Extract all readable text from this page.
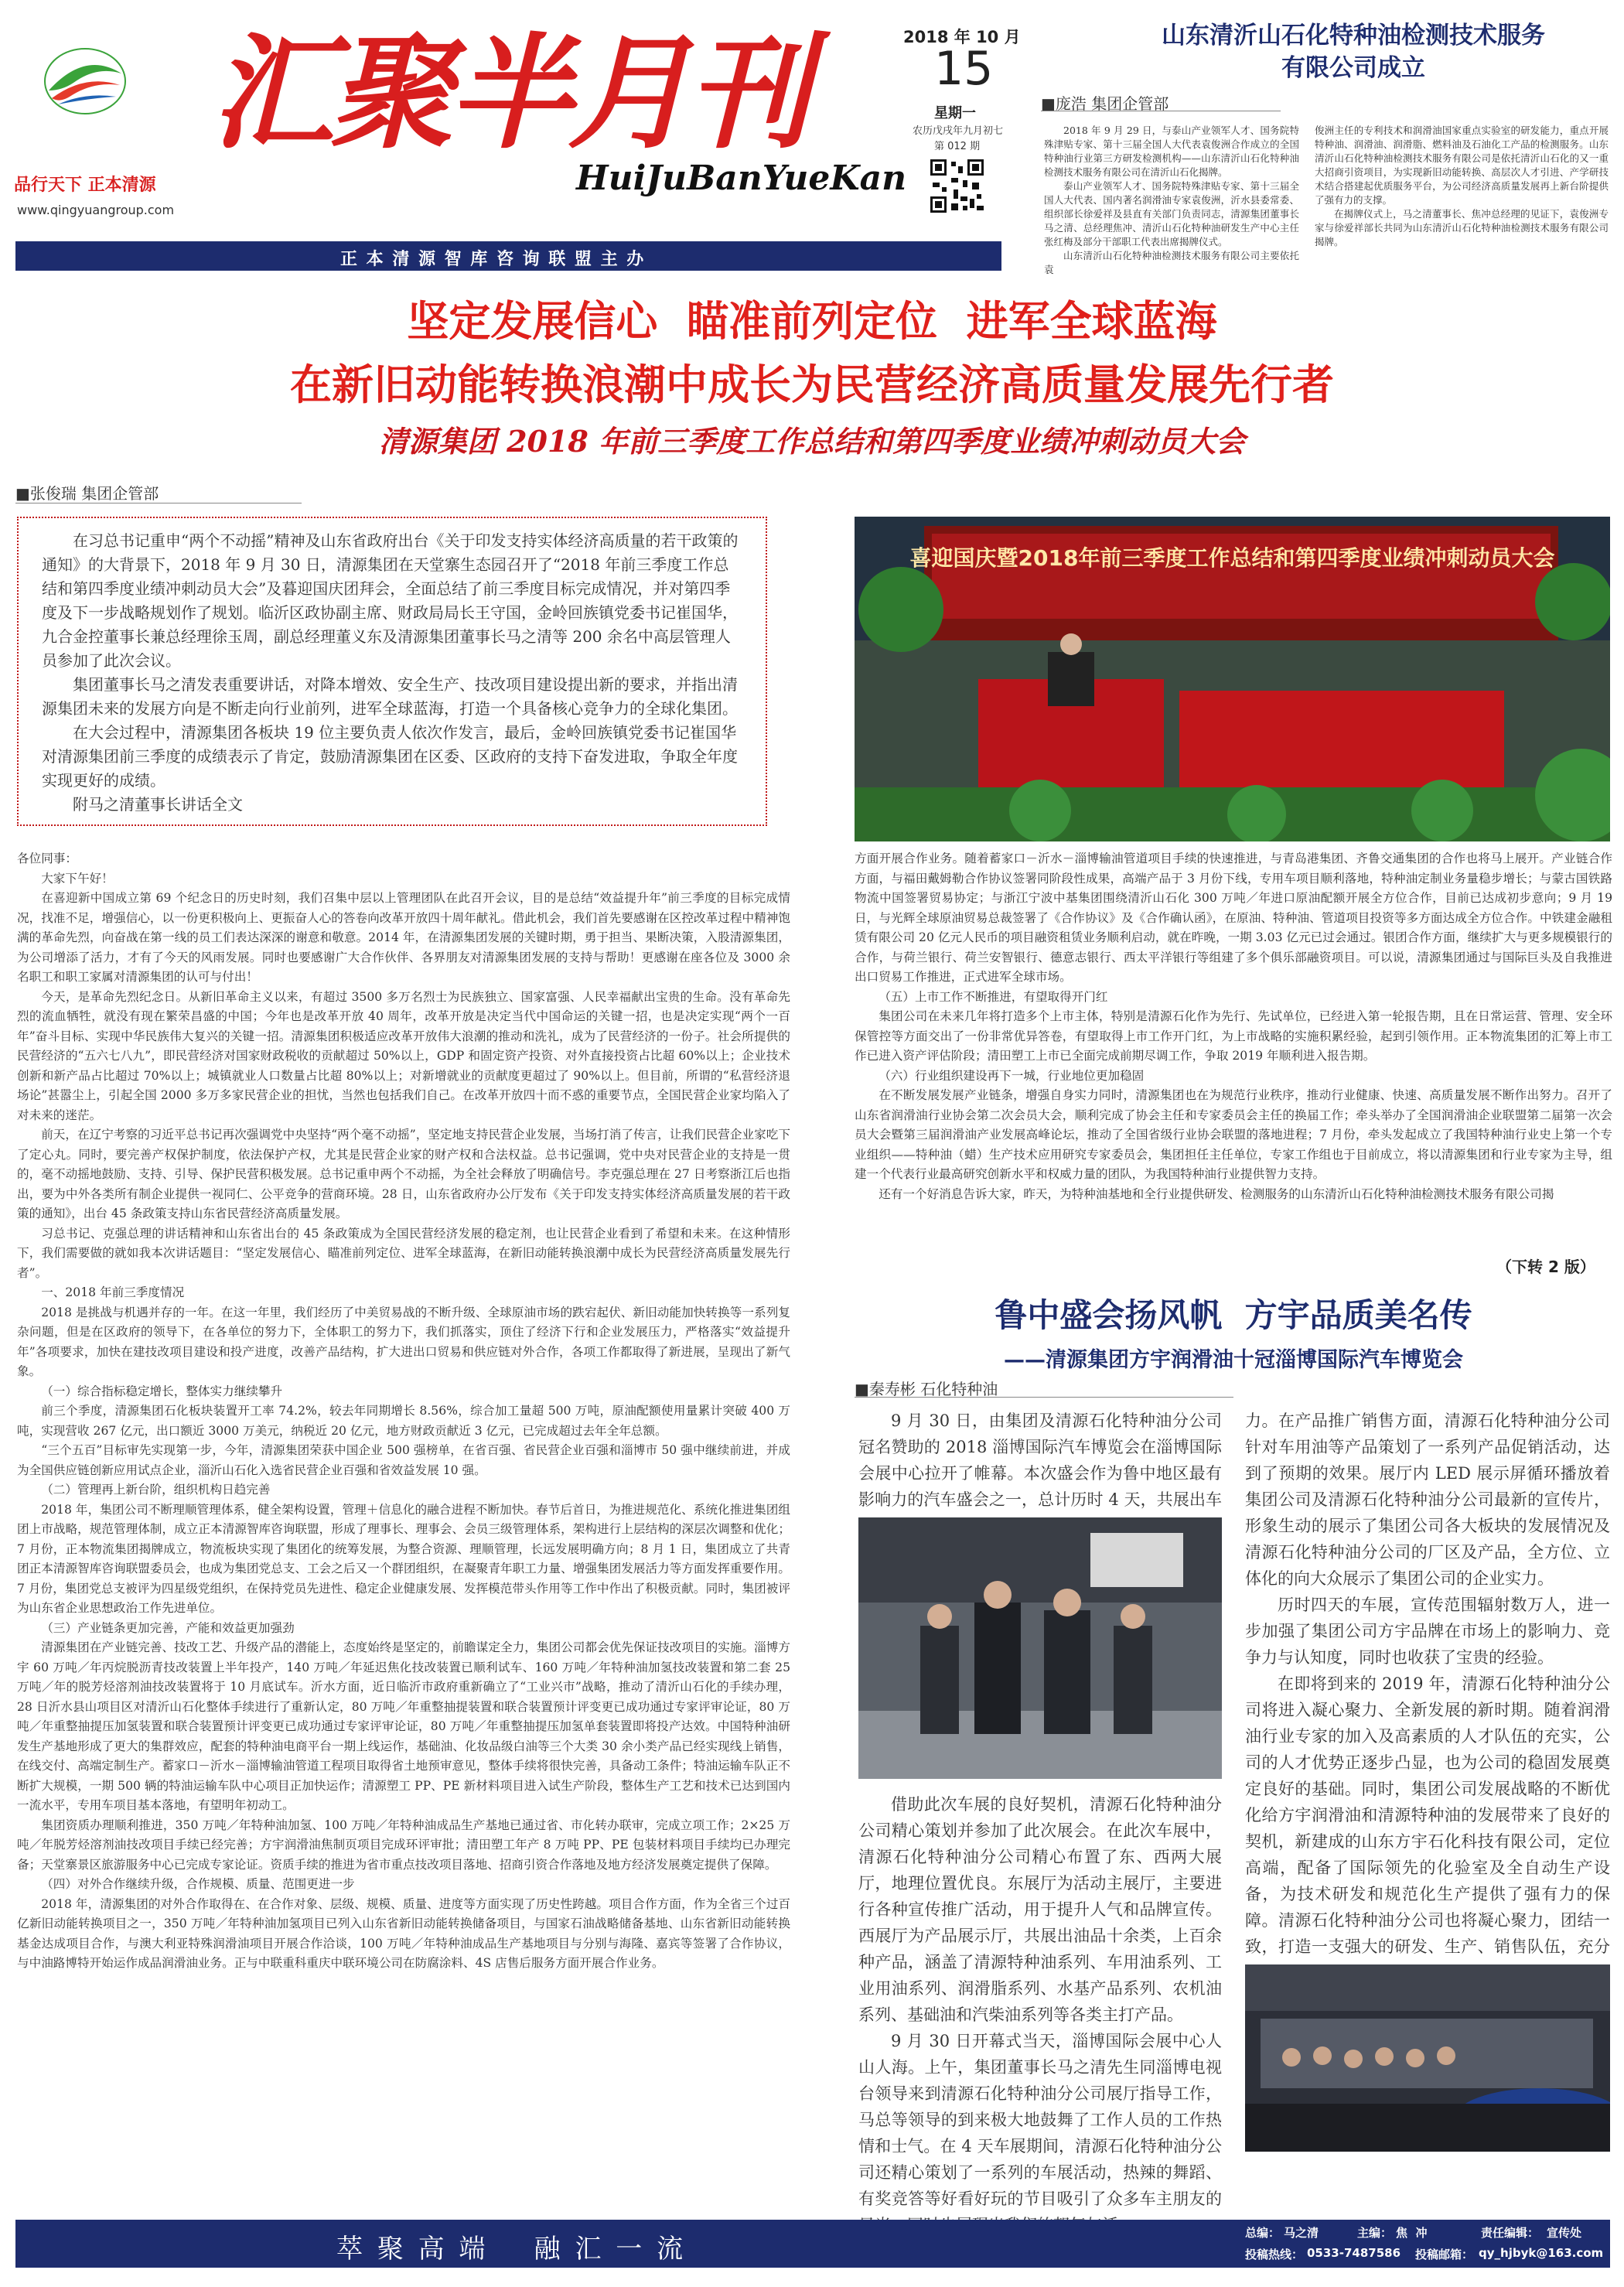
品行天下 正本清源
www.qingyuangroup.com
汇聚半月刊
HuiJuBanYueKan
2018 年 10 月
15
星期一
农历戊戌年九月初七
第 012 期
正 本 清 源 智 库 咨 询 联 盟 主 办
山东清沂山石化特种油检测技术服务有限公司成立
■庞浩 集团企管部

2018 年 9 月 29 日，与泰山产业领军人才、国务院特殊津贴专家、第十三届全国人大代表袁俊洲合作成立的全国特种油行业第三方研发检测机构——山东清沂山石化特种油检测技术服务有限公司在清沂山石化揭牌。

泰山产业领军人才、国务院特殊津贴专家、第十三届全国人大代表、国内著名润滑油专家袁俊洲，沂水县委常委、组织部长徐爱祥及县直有关部门负责同志，清源集团董事长马之清、总经理焦冲、清沂山石化特种油研发生产中心主任张红梅及部分干部职工代表出席揭牌仪式。

山东清沂山石化特种油检测技术服务有限公司主要依托袁

俊洲主任的专利技术和润滑油国家重点实验室的研发能力，重点开展特种油、润滑油、润滑脂、燃料油及石油化工产品的检测服务。山东清沂山石化特种油检测技术服务有限公司是依托清沂山石化的又一重大招商引资项目，为实现新旧动能转换、高层次人才引进、产学研技术结合搭建起优质服务平台，为公司经济高质量发展再上新台阶提供了强有力的支撑。

在揭牌仪式上，马之清董事长、焦冲总经理的见证下，袁俊洲专家与徐爱祥部长共同为山东清沂山石化特种油检测技术服务有限公司揭牌。

坚定发展信心  瞄准前列定位  进军全球蓝海
在新旧动能转换浪潮中成长为民营经济高质量发展先行者
清源集团 2018 年前三季度工作总结和第四季度业绩冲刺动员大会
■张俊瑞 集团企管部

在习总书记重申“两个不动摇”精神及山东省政府出台《关于印发支持实体经济高质量的若干政策的通知》的大背景下，2018 年 9 月 30 日，清源集团在天堂寨生态园召开了“2018 年前三季度工作总结和第四季度业绩冲刺动员大会”及暮迎国庆团拜会，全面总结了前三季度目标完成情况，并对第四季度及下一步战略规划作了规划。临沂区政协副主席、财政局局长王守国，金岭回族镇党委书记崔国华，九合金控董事长兼总经理徐玉周，副总经理董义东及清源集团董事长马之清等 200 余名中高层管理人员参加了此次会议。

集团董事长马之清发表重要讲话，对降本增效、安全生产、技改项目建设提出新的要求，并指出清源集团未来的发展方向是不断走向行业前列，进军全球蓝海，打造一个具备核心竞争力的全球化集团。

在大会过程中，清源集团各板块 19 位主要负责人依次作发言，最后，金岭回族镇党委书记崔国华对清源集团前三季度的成绩表示了肯定，鼓励清源集团在区委、区政府的支持下奋发进取，争取全年度实现更好的成绩。

附马之清董事长讲话全文

喜迎国庆暨2018年前三季度工作总结和第四季度业绩冲刺动员大会

各位同事：

大家下午好！

在喜迎新中国成立第 69 个纪念日的历史时刻，我们召集中层以上管理团队在此召开会议，目的是总结“效益提升年”前三季度的目标完成情况，找准不足，增强信心，以一份更积极向上、更振奋人心的答卷向改革开放四十周年献礼。借此机会，我们首先要感谢在区控改革过程中精神饱满的革命先烈，向奋战在第一线的员工们表达深深的谢意和敬意。2014 年，在清源集团发展的关键时期，勇于担当、果断决策，入股清源集团，为公司增添了活力，才有了今天的风雨发展。同时也要感谢广大合作伙伴、各界朋友对清源集团发展的支持与帮助！更感谢在座各位及 3000 余名职工和职工家属对清源集团的认可与付出！

今天，是革命先烈纪念日。从新旧革命主义以来，有超过 3500 多万名烈士为民族独立、国家富强、人民幸福献出宝贵的生命。没有革命先烈的流血牺牲，就没有现在繁荣昌盛的中国；今年也是改革开放 40 周年，改革开放是决定当代中国命运的关键一招，也是决定实现“两个一百年”奋斗目标、实现中华民族伟大复兴的关键一招。清源集团积极适应改革开放伟大浪潮的推动和洗礼，成为了民营经济的一份子。社会所提供的民营经济的“五六七八九”，即民营经济对国家财政税收的贡献超过 50%以上，GDP 和固定资产投资、对外直接投资占比超 60%以上；企业技术创新和新产品占比超过 70%以上；城镇就业人口数量占比超 80%以上；对新增就业的贡献度更超过了 90%以上。但目前，所谓的“私营经济退场论”甚嚣尘上，引起全国 2000 多万多家民营企业的担忧，当然也包括我们自己。在改革开放四十而不惑的重要节点，全国民营企业家均陷入了对未来的迷茫。

前天，在辽宁考察的习近平总书记再次强调党中央坚持“两个毫不动摇”，坚定地支持民营企业发展，当场打消了传言，让我们民营企业家吃下了定心丸。同时，要完善产权保护制度，依法保护产权，尤其是民营企业家的财产权和合法权益。总书记强调，党中央对民营企业的支持是一贯的，毫不动摇地鼓励、支持、引导、保护民营积极发展。总书记重申两个不动摇，为全社会释放了明确信号。李克强总理在 27 日考察浙江后也指出，要为中外各类所有制企业提供一视同仁、公平竞争的营商环境。28 日，山东省政府办公厅发布《关于印发支持实体经济高质量发展的若干政策的通知》，出台 45 条政策支持山东省民营经济高质量发展。

习总书记、克强总理的讲话精神和山东省出台的 45 条政策成为全国民营经济发展的稳定剂，也让民营企业看到了希望和未来。在这种情形下，我们需要做的就如我本次讲话题目：“坚定发展信心、瞄准前列定位、进军全球蓝海，在新旧动能转换浪潮中成长为民营经济高质量发展先行者”。

一、2018 年前三季度情况

2018 是挑战与机遇并存的一年。在这一年里，我们经历了中美贸易战的不断升级、全球原油市场的跌宕起伏、新旧动能加快转换等一系列复杂问题，但是在区政府的领导下，在各单位的努力下，全体职工的努力下，我们抓落实，顶住了经济下行和企业发展压力，严格落实“效益提升年”各项要求，加快在建技改项目建设和投产进度，改善产品结构，扩大进出口贸易和供应链对外合作，各项工作都取得了新进展，呈现出了新气象。

（一）综合指标稳定增长，整体实力继续攀升

前三个季度，清源集团石化板块装置开工率 74.2%，较去年同期增长 8.56%，综合加工量超 500 万吨，原油配额使用量累计突破 400 万吨，实现营收 267 亿元，出口额近 3000 万美元，纳税近 20 亿元，地方财政贡献近 3 亿元，已完成超过去年全年总额。

“三个五百”目标审先实现第一步，今年，清源集团荣获中国企业 500 强榜单，在省百强、省民营企业百强和淄博市 50 强中继续前进，并成为全国供应链创新应用试点企业，淄沂山石化入选省民营企业百强和省效益发展 10 强。

（二）管理再上新台阶，组织机构日趋完善

2018 年，集团公司不断理顺管理体系，健全架构设置，管理＋信息化的融合进程不断加快。春节后首日，为推进规范化、系统化推进集团组团上市战略，规范管理体制，成立正本清源智库咨询联盟，形成了理事长、理事会、会员三级管理体系，架构进行上层结构的深层次调整和优化；7 月份，正本物流集团揭牌成立，物流板块实现了集团化的统筹发展，为整合资源、理顺管理，长远发展明确方向；8 月 1 日，集团成立了共青团正本清源智库咨询联盟委员会，也成为集团党总支、工会之后又一个群团组织，在凝聚青年职工力量、增强集团发展活力等方面发挥重要作用。7 月份，集团党总支被评为四星级党组织，在保持党员先进性、稳定企业健康发展、发挥模范带头作用等工作中作出了积极贡献。同时，集团被评为山东省企业思想政治工作先进单位。

（三）产业链条更加完善，产能和效益更加强劲

清源集团在产业链完善、技改工艺、升级产品的潜能上，态度始终是坚定的，前瞻谋定全力，集团公司都会优先保证技改项目的实施。淄博方宇 60 万吨／年丙烷脱沥青技改装置上半年投产，140 万吨／年延迟焦化技改装置已顺利试车、160 万吨／年特种油加氢技改装置和第二套 25 万吨／年的脱芳烃溶剂油技改装置将于 10 月底试车。沂水方面，近日临沂市政府重新确立了“工业兴市”战略，推动了清沂山石化的手续办理，28 日沂水县山项目区对清沂山石化整体手续进行了重新认定，80 万吨／年重整抽提装置和联合装置预计评变更已成功通过专家评审论证，80 万吨／年重整抽提压加氢装置和联合装置预计评变更已成功通过专家评审论证，80 万吨／年重整抽提压加氢单套装置即将投产达效。中国特种油研发生产基地形成了更大的集群效应，配套的特种油电商平台一期上线运作，基础油、化妆品级白油等三个大类 30 余小类产品已经实现线上销售，在线交付、高端定制生产。蓄家口－沂水－淄博输油管道工程项目取得省土地预审意见，整体手续将很快完善，具备动工条件；特油运输车队正不断扩大规模，一期 500 辆的特油运输车队中心项目正加快运作；清源塑工 PP、PE 新材料项目进入试生产阶段，整体生产工艺和技术已达到国内一流水平，专用车项目基本落地，有望明年初动工。

集团资质办理顺利推进，350 万吨／年特种油加氢、100 万吨／年特种油成品生产基地已通过省、市化转办联审，完成立项工作；2×25 万吨／年脱芳烃溶剂油技改项目手续已经完善；方宇润滑油焦制页项目完成环评审批；清田塑工年产 8 万吨 PP、PE 包装材料项目手续均已办理完备；天堂寨景区旅游服务中心已完成专家论证。资质手续的推进为省市重点技改项目落地、招商引资合作落地及地方经济发展奠定提供了保障。

（四）对外合作继续升级，合作规模、质量、范围更进一步

2018 年，清源集团的对外合作取得在、在合作对象、层级、规模、质量、进度等方面实现了历史性跨越。项目合作方面，作为全省三个过百亿新旧动能转换项目之一，350 万吨／年特种油加氢项目已列入山东省新旧动能转换储备项目，与国家石油战略储备基地、山东省新旧动能转换基金达成项目合作，与澳大利亚特殊润滑油项目开展合作洽谈，100 万吨／年特种油成品生产基地项目与分别与海隆、嘉宾等签署了合作协议，与中油路博特开始运作成品润滑油业务。正与中联重科重庆中联环境公司在防腐涂料、4S 店售后服务方面开展合作业务。

方面开展合作业务。随着蓄家口－沂水－淄博输油管道项目手续的快速推进，与青岛港集团、齐鲁交通集团的合作也将马上展开。产业链合作方面，与福田戴姆勒合作协议签署同阶段性成果，高端产品于 3 月份下线，专用车项目顺利落地，特种油定制业务量稳步增长；与蒙古国铁路物流中国签署贸易协定；与浙江宁波中基集团围绕清沂山石化 300 万吨／年进口原油配额开展全方位合作，目前已达成初步意向；9 月 19 日，与光辉全球原油贸易总裁签署了《合作协议》及《合作确认函》，在原油、特种油、管道项目投资等多方面达成全方位合作。中铁建金融租赁有限公司 20 亿元人民币的项目融资租赁业务顺利启动，就在昨晚，一期 3.03 亿元已过会通过。银团合作方面，继续扩大与更多规模银行的合作，与荷兰银行、荷兰安智银行、德意志银行、西太平洋银行等组建了多个俱乐部融资项目。可以说，清源集团通过与国际巨头及自我推进出口贸易工作推进，正式进军全球市场。

（五）上市工作不断推进，有望取得开门红

集团公司在未来几年将打造多个上市主体，特别是清源石化作为先行、先试单位，已经进入第一轮报告期，且在日常运营、管理、安全环保管控等方面交出了一份非常优异答卷，有望取得上市工作开门红，为上市战略的实施积累经验，起到引领作用。正本物流集团的汇筹上市工作已进入资产评估阶段；清田塑工上市已全面完成前期尽调工作，争取 2019 年顺利进入报告期。

（六）行业组织建设再下一城，行业地位更加稳固

在不断发展发展产业链条，增强自身实力同时，清源集团也在为规范行业秩序，推动行业健康、快速、高质量发展不断作出努力。召开了山东省润滑油行业协会第二次会员大会，顺利完成了协会主任和专家委员会主任的换届工作；牵头举办了全国润滑油企业联盟第二届第一次会员大会暨第三届润滑油产业发展高峰论坛，推动了全国省级行业协会联盟的落地进程；7 月份，牵头发起成立了我国特种油行业史上第一个专业组织——特种油（蜡）生产技术应用研究专家委员会，集团担任主任单位，专家工作组也于目前成立，将以清源集团和行业专家为主导，组建一个代表行业最高研究创新水平和权威力量的团队，为我国特种油行业提供智力支持。

还有一个好消息告诉大家，昨天，为特种油基地和全行业提供研发、检测服务的山东清沂山石化特种油检测技术服务有限公司揭

（下转 2 版）
鲁中盛会扬风帆  方宇品质美名传
——清源集团方宇润滑油十冠淄博国际汽车博览会
■秦寿彬 石化特种油

9 月 30 日，由集团及清源石化特种油分公司冠名赞助的 2018 淄博国际汽车博览会在淄博国际会展中心拉开了帷幕。本次盛会作为鲁中地区最有影响力的汽车盛会之一，总计历时 4 天，共展出车

借助此次车展的良好契机，清源石化特种油分公司精心策划并参加了此次展会。在此次车展中，清源石化特种油分公司精心布置了东、西两大展厅，地理位置优良。东展厅为活动主展厅，主要进行各种宣传推广活动，用于提升人气和品牌宣传。西展厅为产品展示厅，共展出油品十余类，上百余种产品，涵盖了清源特种油系列、车用油系列、工业用油系列、润滑脂系列、水基产品系列、农机油系列、基础油和汽柴油系列等各类主打产品。

9 月 30 日开幕式当天，淄博国际会展中心人山人海。上午，集团董事长马之清先生同淄博电视台领导来到清源石化特种油分公司展厅指导工作，马总等领导的到来极大地鼓舞了工作人员的工作热情和士气。在 4 天车展期间，清源石化特种油分公司还精心策划了一系列的车展活动，热辣的舞蹈、有奖竞答等好看好玩的节目吸引了众多车主朋友的

力。在产品推广销售方面，清源石化特种油分公司针对车用油等产品策划了一系列产品促销活动，达到了预期的效果。展厅内 LED 展示屏循环播放着集团公司及清源石化特种油分公司最新的宣传片，形象生动的展示了集团公司各大板块的发展情况及清源石化特种油分公司的厂区及产品，全方位、立体化的向大众展示了集团公司的企业实力。

历时四天的车展，宣传范围辐射数万人，进一步加强了集团公司方宇品牌在市场上的影响力、竞争力与认知度，同时也收获了宝贵的经验。

在即将到来的 2019 年，清源石化特种油分公司将进入凝心聚力、全新发展的新时期。随着润滑油行业专家的加入及高素质的人才队伍的充实，公司的人才优势正逐步凸显，也为公司的稳固发展奠定良好的基础。同时，集团公司发展战略的不断优化给方宇润滑油和清源特种油的发展带来了良好的契机，新建成的山东方宇石化科技有限公司，定位高端，配备了国际领先的化验室及全自动生产设备，为技术研发和规范化生产提供了强有力的保障。清源石化特种油分公司也将凝心聚力，团结一致，打造一支强大的研发、生产、销售队伍，充分

萃 聚 高 端    融 汇 一 流
总编： 马之清	主编： 焦  冲	责任编辑： 宣传处
投稿热线： 0533-7487586 投稿邮箱： qy_hjbyk@163.com
